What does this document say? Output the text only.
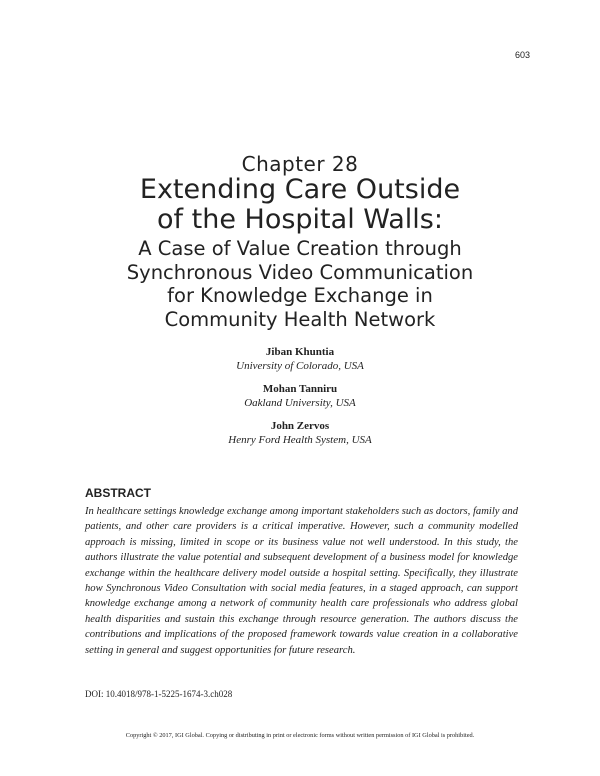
603
Chapter 28
Extending Care Outside
of the Hospital Walls:
A Case of Value Creation through
Synchronous Video Communication
for Knowledge Exchange in
Community Health Network
Jiban Khuntia
University of Colorado, USA
Mohan Tanniru
Oakland University, USA
John Zervos
Henry Ford Health System, USA
ABSTRACT

In healthcare settings knowledge exchange among important stakeholders such as doctors, family and patients, and other care providers is a critical imperative. However, such a community modelled approach is missing, limited in scope or its business value not well understood. In this study, the authors illustrate the value potential and subsequent development of a business model for knowledge exchange within the healthcare delivery model outside a hospital setting. Specifically, they illustrate how Synchronous Video Consultation with social media features, in a staged approach, can support knowledge exchange among a network of community health care professionals who address global health disparities and sustain this exchange through resource generation. The authors discuss the contributions and implications of the proposed framework towards value creation in a collaborative setting in general and suggest opportunities for future research.

DOI: 10.4018/978-1-5225-1674-3.ch028
Copyright © 2017, IGI Global. Copying or distributing in print or electronic forms without written permission of IGI Global is prohibited.
